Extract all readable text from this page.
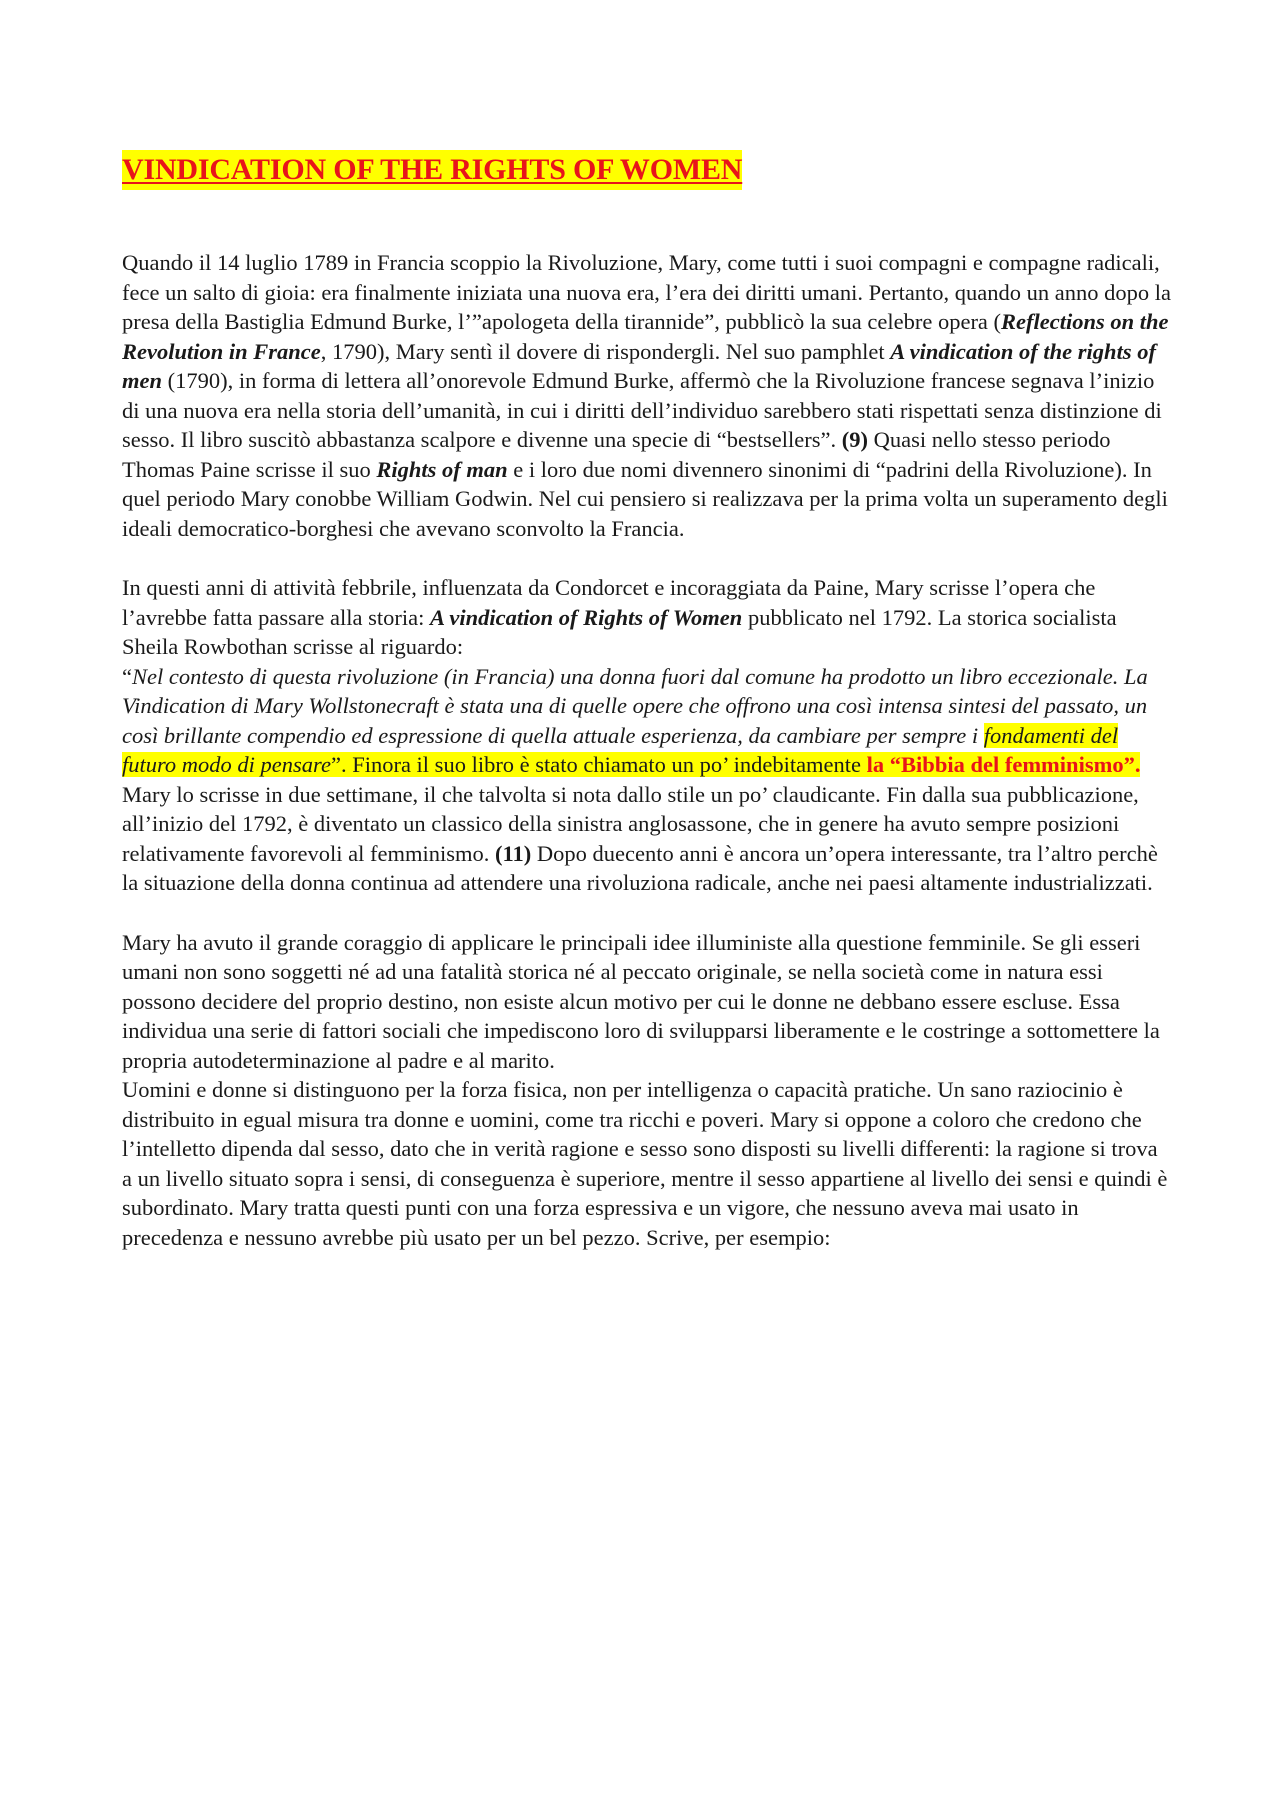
VINDICATION OF THE RIGHTS OF WOMEN

Quando il 14 luglio 1789 in Francia scoppio la Rivoluzione, Mary, come tutti i suoi compagni e compagne radicali, fece un salto di gioia: era finalmente iniziata una nuova era, l’era dei diritti umani. Pertanto, quando un anno dopo la presa della Bastiglia Edmund Burke, l’”apologeta della tirannide”, pubblicò la sua celebre opera (Reflections on the Revolution in France, 1790), Mary sentì il dovere di rispondergli. Nel suo pamphlet A vindication of the rights of men (1790), in forma di lettera all’onorevole Edmund Burke, affermò che la Rivoluzione francese segnava l’inizio di una nuova era nella storia dell’umanità, in cui i diritti dell’individuo sarebbero stati rispettati senza distinzione di sesso. Il libro suscitò abbastanza scalpore e divenne una specie di “bestsellers”. (9) Quasi nello stesso periodo Thomas Paine scrisse il suo Rights of man e i loro due nomi divennero sinonimi di “padrini della Rivoluzione). In quel periodo Mary conobbe William Godwin. Nel cui pensiero si realizzava per la prima volta un superamento degli ideali democratico-borghesi che avevano sconvolto la Francia.

In questi anni di attività febbrile, influenzata da Condorcet e incoraggiata da Paine, Mary scrisse l’opera che l’avrebbe fatta passare alla storia: A vindication of Rights of Women pubblicato nel 1792. La storica socialista Sheila Rowbothan scrisse al riguardo:
“Nel contesto di questa rivoluzione (in Francia) una donna fuori dal comune ha prodotto un libro eccezionale. La Vindication di Mary Wollstonecraft è stata una di quelle opere che offrono una così intensa sintesi del passato, un così brillante compendio ed espressione di quella attuale esperienza, da cambiare per sempre i fondamenti del futuro modo di pensare”. Finora il suo libro è stato chiamato un po’ indebitamente la “Bibbia del femminismo”. Mary lo scrisse in due settimane, il che talvolta si nota dallo stile un po’ claudicante. Fin dalla sua pubblicazione, all’inizio del 1792, è diventato un classico della sinistra anglosassone, che in genere ha avuto sempre posizioni relativamente favorevoli al femminismo. (11) Dopo duecento anni è ancora un’opera interessante, tra l’altro perchè la situazione della donna continua ad attendere una rivoluziona radicale, anche nei paesi altamente industrializzati.

Mary ha avuto il grande coraggio di applicare le principali idee illuministe alla questione femminile. Se gli esseri umani non sono soggetti né ad una fatalità storica né al peccato originale, se nella società come in natura essi possono decidere del proprio destino, non esiste alcun motivo per cui le donne ne debbano essere escluse. Essa individua una serie di fattori sociali che impediscono loro di svilupparsi liberamente e le costringe a sottomettere la propria autodeterminazione al padre e al marito.

Uomini e donne si distinguono per la forza fisica, non per intelligenza o capacità pratiche. Un sano raziocinio è distribuito in egual misura tra donne e uomini, come tra ricchi e poveri. Mary si oppone a coloro che credono che l’intelletto dipenda dal sesso, dato che in verità ragione e sesso sono disposti su livelli differenti: la ragione si trova a un livello situato sopra i sensi, di conseguenza è superiore, mentre il sesso appartiene al livello dei sensi e quindi è subordinato. Mary tratta questi punti con una forza espressiva e un vigore, che nessuno aveva mai usato in precedenza e nessuno avrebbe più usato per un bel pezzo. Scrive, per esempio:
